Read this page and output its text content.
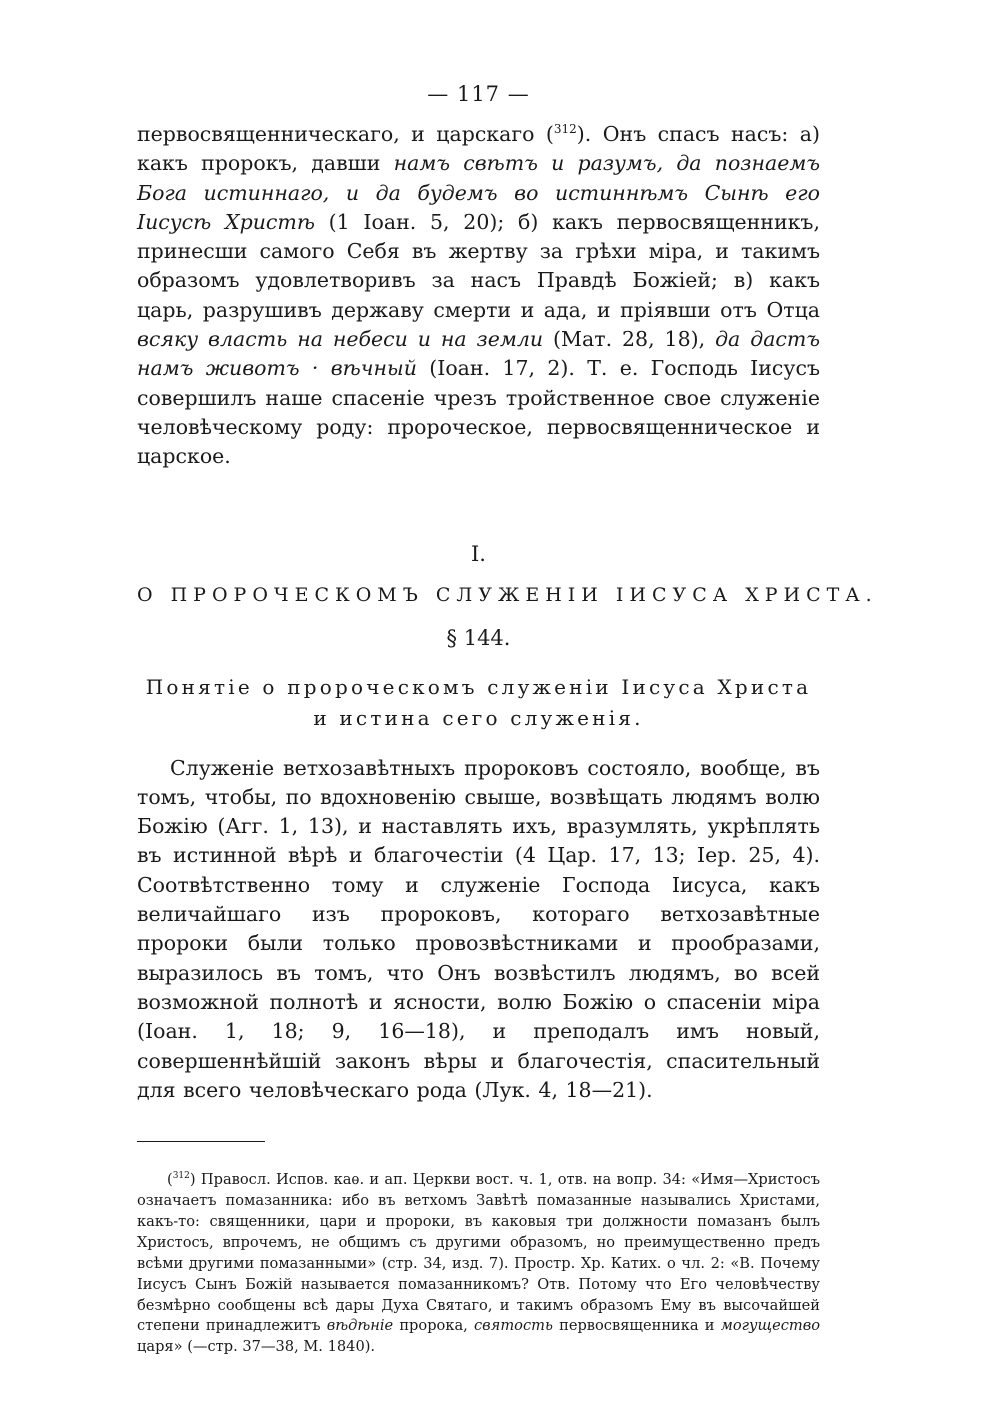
— 117 —

первосвященническаго, и царскаго ($^{312}$). Онъ спасъ насъ: а) какъ пророкъ, давши намъ свѣтъ и разумъ, да познаемъ Бога истиннаго, и да будемъ во истиннѣмъ Сынѣ его Іисусѣ Христѣ (1 Іоан. 5, 20); б) какъ первосвященникъ, принесши самого Себя въ жертву за грѣхи міра, и такимъ образомъ удовлетворивъ за насъ Правдѣ Божіей; в) какъ царь, разрушивъ державу смерти и ада, и пріявши отъ Отца всяку власть на небеси и на земли (Мат. 28, 18), да дастъ намъ животъ · вѣчный (Іоан. 17, 2). Т. е. Господь Іисусъ совершилъ наше спасеніе чрезъ тройственное свое служеніе человѣческому роду: пророческое, первосвященническое и царское.

I.
О ПРОРОЧЕСКОМЪ СЛУЖЕНІИ ІИСУСА ХРИСТА.
§ 144.
Понятіе о пророческомъ служеніи Іисуса Христа
и истина сего служенія.

Служеніе ветхозавѣтныхъ пророковъ состояло, вообще, въ томъ, чтобы, по вдохновенію свыше, возвѣщать людямъ волю Божію (Агг. 1, 13), и наставлять ихъ, вразумлять, укрѣплять въ истинной вѣрѣ и благочестіи (4 Цар. 17, 13; Іер. 25, 4). Соотвѣтственно тому и служеніе Господа Іисуса, какъ величайшаго изъ пророковъ, котораго ветхозавѣтные пророки были только провозвѣстниками и прообразами, выразилось въ томъ, что Онъ возвѣстилъ людямъ, во всей возможной полнотѣ и ясности, волю Божію о спасеніи міра (Іоан. 1, 18; 9, 16—18), и преподалъ имъ новый, совершеннѣйшій законъ вѣры и благочестія, спасительный для всего человѣческаго рода (Лук. 4, 18—21).

($^{312}$) Правосл. Испов. каѳ. и ап. Церкви вост. ч. 1, отв. на вопр. 34: «Имя—Христосъ означаетъ помазанника: ибо въ ветхомъ Завѣтѣ помазанные назывались Христами, какъ-то: священники, цари и пророки, въ каковыя три должности помазанъ былъ Христосъ, впрочемъ, не общимъ съ другими образомъ, но преимущественно предъ всѣми другими помазанными» (стр. 34, изд. 7). Простр. Хр. Катих. о чл. 2: «В. Почему Іисусъ Сынъ Божій называется помазанникомъ? Отв. Потому что Его человѣчеству безмѣрно сообщены всѣ дары Духа Святаго, и такимъ образомъ Ему въ высочайшей степени принадлежитъ вѣдѣніе пророка, святость первосвященника и могущество царя» (—стр. 37—38, М. 1840).
